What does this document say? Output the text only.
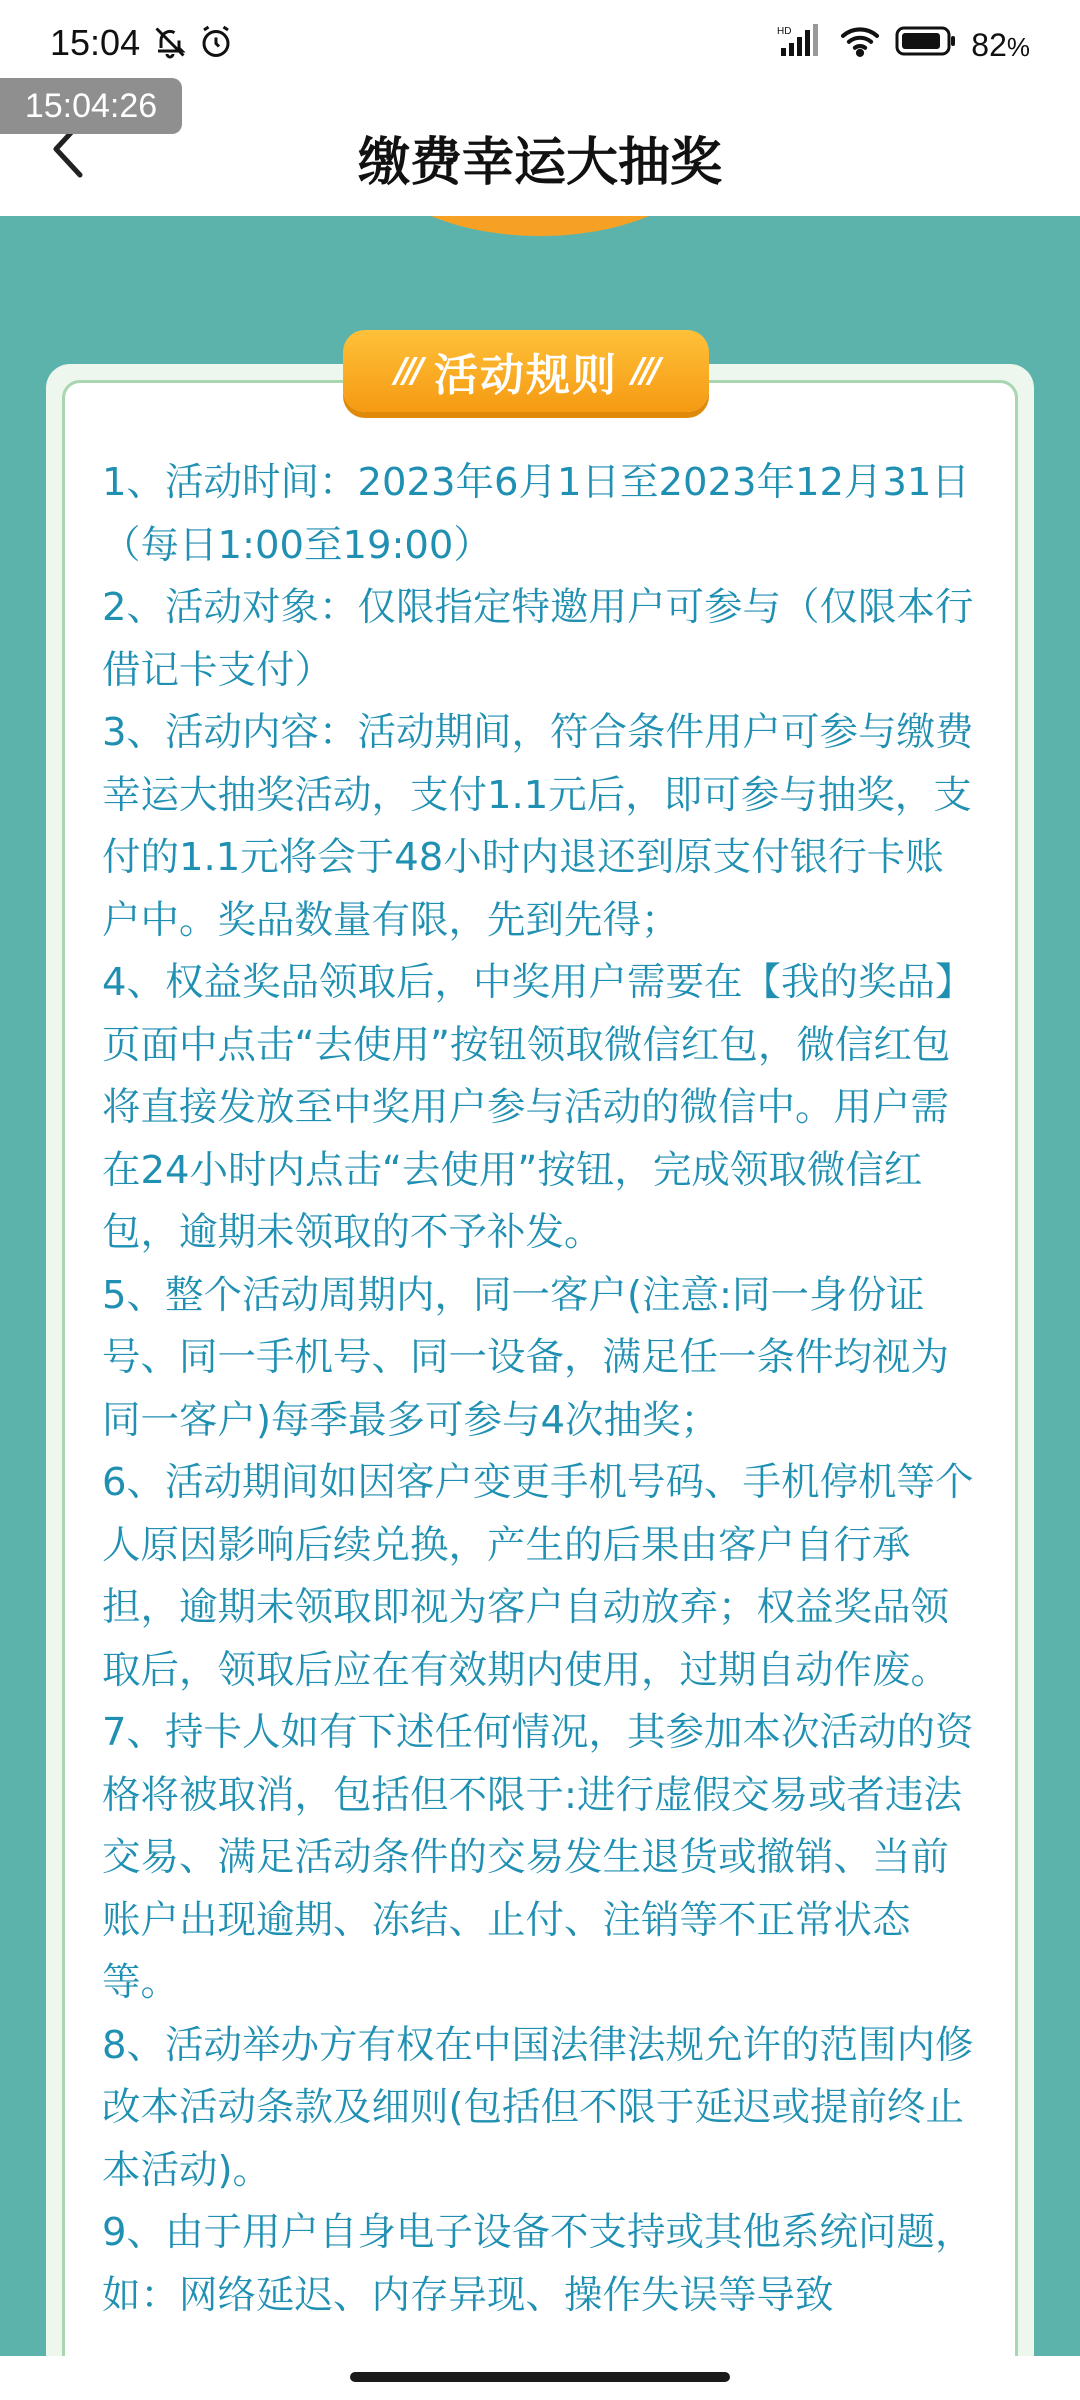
15:04	HD	82%
15:04:26
缴费幸运大抽奖
/// 活动规则 ///

1、活动时间：2023年6月1日至2023年12月31日（每日1:00至19:00）

2、活动对象：仅限指定特邀用户可参与（仅限本行借记卡支付）

3、活动内容：活动期间，符合条件用户可参与缴费幸运大抽奖活动，支付1.1元后，即可参与抽奖，支付的1.1元将会于48小时内退还到原支付银行卡账户中。奖品数量有限，先到先得；

4、权益奖品领取后，中奖用户需要在【我的奖品】页面中点击“去使用”按钮领取微信红包，微信红包将直接发放至中奖用户参与活动的微信中。用户需在24小时内点击“去使用”按钮，完成领取微信红包，逾期未领取的不予补发。

5、整个活动周期内，同一客户(注意:同一身份证号、同一手机号、同一设备，满足任一条件均视为同一客户)每季最多可参与4次抽奖；

6、活动期间如因客户变更手机号码、手机停机等个人原因影响后续兑换，产生的后果由客户自行承担，逾期未领取即视为客户自动放弃；权益奖品领取后，领取后应在有效期内使用，过期自动作废。

7、持卡人如有下述任何情况，其参加本次活动的资格将被取消，包括但不限于:进行虚假交易或者违法交易、满足活动条件的交易发生退货或撤销、当前账户出现逾期、冻结、止付、注销等不正常状态等。

8、活动举办方有权在中国法律法规允许的范围内修改本活动条款及细则(包括但不限于延迟或提前终止本活动)。

9、由于用户自身电子设备不支持或其他系统问题，如：网络延迟、内存异现、操作失误等导致
